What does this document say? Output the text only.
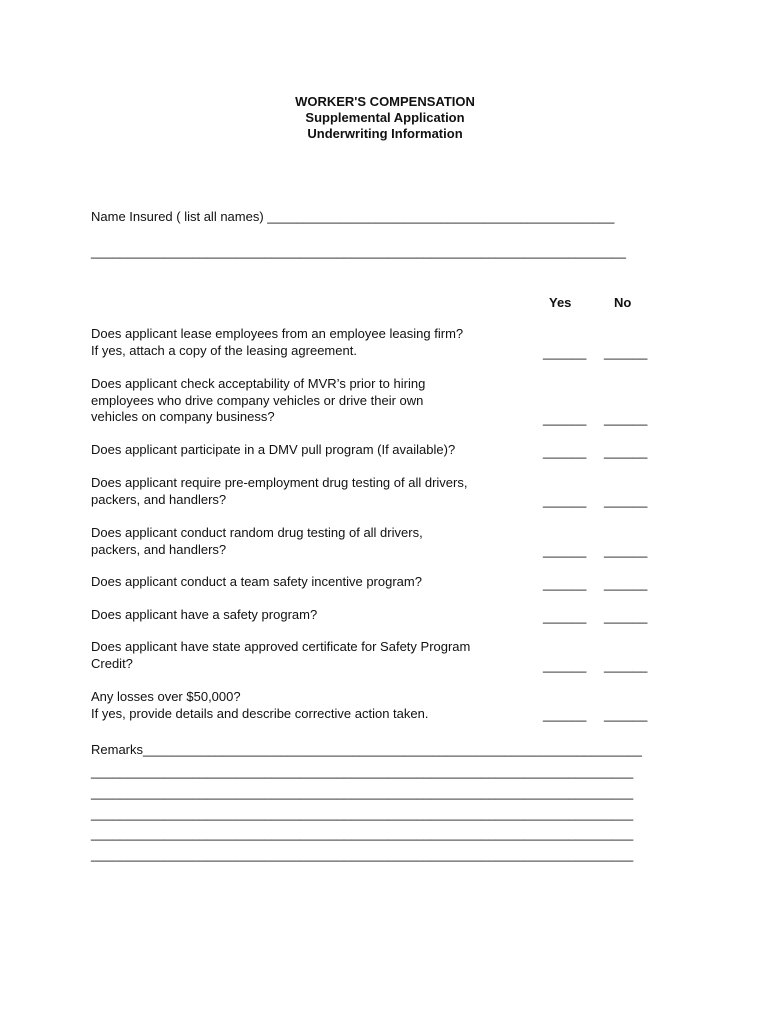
WORKER'S COMPENSATION
Supplemental Application
Underwriting Information
Name Insured ( list all names) ________________________________________________
__________________________________________________________________________
Yes	No
Does applicant lease employees from an employee leasing firm?
If yes, attach a copy of the leasing agreement.	______ ______
Does applicant check acceptability of MVR’s prior to hiring
employees who drive company vehicles or drive their own
vehicles on company business?	______ ______
Does applicant participate in a DMV pull program (If available)?	______ ______
Does applicant require pre-employment drug testing of all drivers,
packers, and handlers?	______ ______
Does applicant conduct random drug testing of all drivers,
packers, and handlers?	______ ______
Does applicant conduct a team safety incentive program?	______ ______
Does applicant have a safety program?	______ ______
Does applicant have state approved certificate for Safety Program
Credit?	______ ______
Any losses over $50,000?
If yes, provide details and describe corrective action taken.	______ ______
Remarks_____________________________________________________________________
___________________________________________________________________________
___________________________________________________________________________
___________________________________________________________________________
___________________________________________________________________________
___________________________________________________________________________
